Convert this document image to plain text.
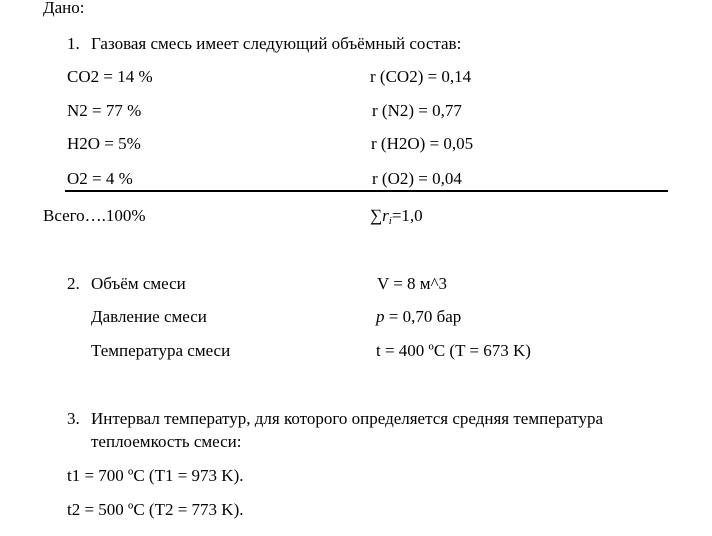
Дано:
1. Газовая смесь имеет следующий объёмный состав:
CO2 = 14 %	r (CO2) = 0,14
N2 = 77 %	r (N2) = 0,77
H2O = 5%	r (H2O) = 0,05
O2 = 4 %	r (O2) = 0,04
Всего….100%	$\sum r_i=1,0$
2. Объём смеси	V = 8 м^3
Давление смеси	p = 0,70 бар
Температура смеси	t = 400 ºC (T = 673 K)
3. Интервал температур, для которого определяется средняя температура
теплоемкость смеси:
t1 = 700 ºC (T1 = 973 K).
t2 = 500 ºC (T2 = 773 K).
